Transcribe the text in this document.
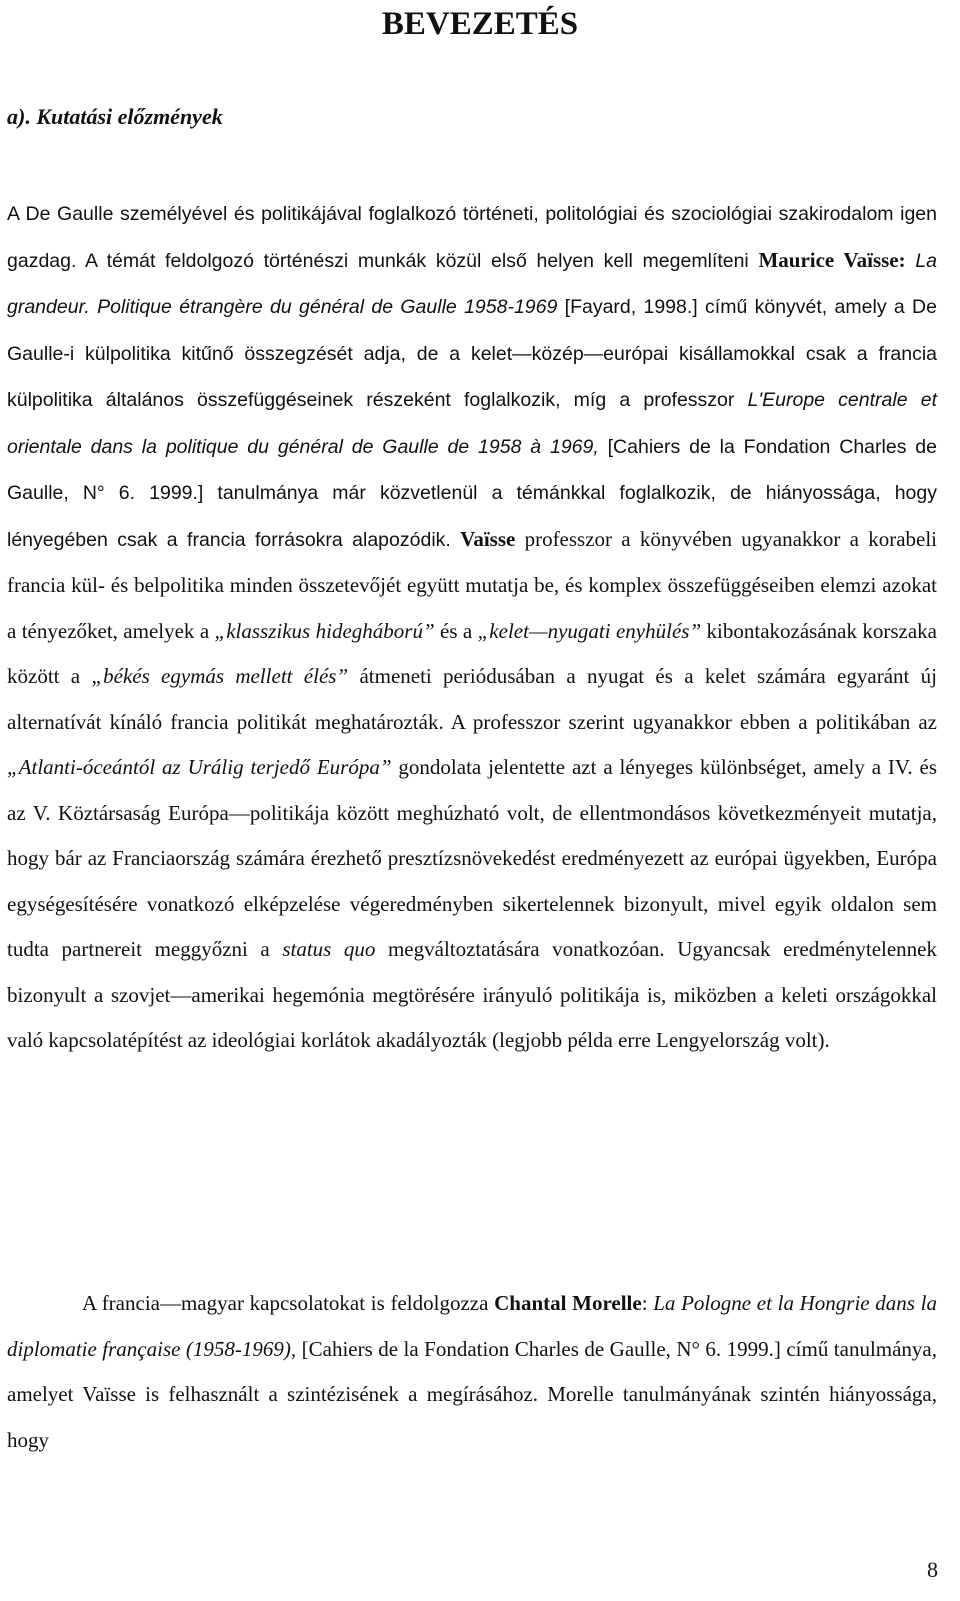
BEVEZETÉS
a). Kutatási előzmények

A De Gaulle személyével és politikájával foglalkozó történeti, politológiai és szociológiai szakirodalom igen gazdag. A témát feldolgozó történészi munkák közül első helyen kell megemlíteni Maurice Vaïsse: La grandeur. Politique étrangère du général de Gaulle 1958-1969 [Fayard, 1998.] című könyvét, amely a De Gaulle-i külpolitika kitűnő összegzését adja, de a kelet—közép—európai kisállamokkal csak a francia külpolitika általános összefüggéseinek részeként foglalkozik, míg a professzor L'Europe centrale et orientale dans la politique du général de Gaulle de 1958 à 1969, [Cahiers de la Fondation Charles de Gaulle, N° 6. 1999.] tanulmánya már közvetlenül a témánkkal foglalkozik, de hiányossága, hogy lényegében csak a francia forrásokra alapozódik. Vaïsse professzor a könyvében ugyanakkor a korabeli francia kül- és belpolitika minden összetevőjét együtt mutatja be, és komplex összefüggéseiben elemzi azokat a tényezőket, amelyek a „klasszikus hidegháború” és a „kelet—nyugati enyhülés” kibontakozásának korszaka között a „békés egymás mellett élés” átmeneti periódusában a nyugat és a kelet számára egyaránt új alternatívát kínáló francia politikát meghatározták. A professzor szerint ugyanakkor ebben a politikában az „Atlanti-óceántól az Urálig terjedő Európa” gondolata jelentette azt a lényeges különbséget, amely a IV. és az V. Köztársaság Európa—politikája között meghúzható volt, de ellentmondásos következményeit mutatja, hogy bár az Franciaország számára érezhető presztízsnövekedést eredményezett az európai ügyekben, Európa egységesítésére vonatkozó elképzelése végeredményben sikertelennek bizonyult, mivel egyik oldalon sem tudta partnereit meggyőzni a status quo megváltoztatására vonatkozóan. Ugyancsak eredménytelennek bizonyult a szovjet—amerikai hegemónia megtörésére irányuló politikája is, miközben a keleti országokkal való kapcsolatépítést az ideológiai korlátok akadályozták (legjobb példa erre Lengyelország volt).

A francia—magyar kapcsolatokat is feldolgozza Chantal Morelle: La Pologne et la Hongrie dans la diplomatie française (1958-1969), [Cahiers de la Fondation Charles de Gaulle, N° 6. 1999.] című tanulmánya, amelyet Vaïsse is felhasznált a szintézisének a megírásához. Morelle tanulmányának szintén hiányossága, hogy

8
